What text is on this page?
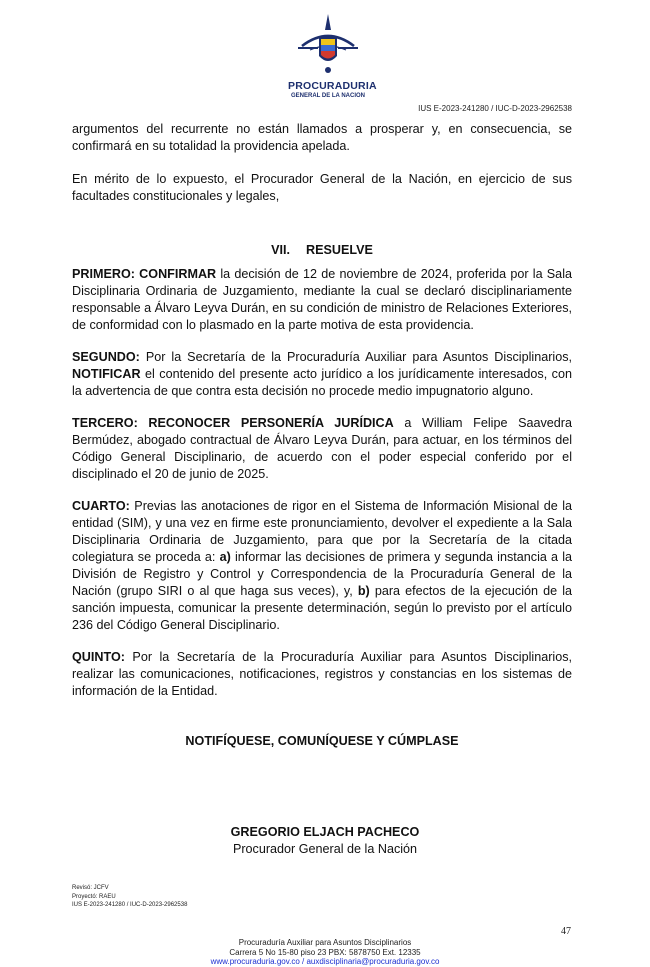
PROCURADURIA
GENERAL DE LA NACION
IUS E-2023-241280 / IUC-D-2023-2962538

argumentos del recurrente no están llamados a prosperar y, en consecuencia, se confirmará en su totalidad la providencia apelada.

En mérito de lo expuesto, el Procurador General de la Nación, en ejercicio de sus facultades constitucionales y legales,

VII. RESUELVE

PRIMERO: CONFIRMAR la decisión de 12 de noviembre de 2024, proferida por la Sala Disciplinaria Ordinaria de Juzgamiento, mediante la cual se declaró disciplinariamente responsable a Álvaro Leyva Durán, en su condición de ministro de Relaciones Exteriores, de conformidad con lo plasmado en la parte motiva de esta providencia.

SEGUNDO: Por la Secretaría de la Procuraduría Auxiliar para Asuntos Disciplinarios, NOTIFICAR el contenido del presente acto jurídico a los jurídicamente interesados, con la advertencia de que contra esta decisión no procede medio impugnatorio alguno.

TERCERO: RECONOCER PERSONERÍA JURÍDICA a William Felipe Saavedra Bermúdez, abogado contractual de Álvaro Leyva Durán, para actuar, en los términos del Código General Disciplinario, de acuerdo con el poder especial conferido por el disciplinado el 20 de junio de 2025.

CUARTO: Previas las anotaciones de rigor en el Sistema de Información Misional de la entidad (SIM), y una vez en firme este pronunciamiento, devolver el expediente a la Sala Disciplinaria Ordinaria de Juzgamiento, para que por la Secretaría de la citada colegiatura se proceda a: a) informar las decisiones de primera y segunda instancia a la División de Registro y Control y Correspondencia de la Procuraduría General de la Nación (grupo SIRI o al que haga sus veces), y, b) para efectos de la ejecución de la sanción impuesta, comunicar la presente determinación, según lo previsto por el artículo 236 del Código General Disciplinario.

QUINTO: Por la Secretaría de la Procuraduría Auxiliar para Asuntos Disciplinarios, realizar las comunicaciones, notificaciones, registros y constancias en los sistemas de información de la Entidad.

NOTIFÍQUESE, COMUNÍQUESE Y CÚMPLASE

GREGORIO ELJACH PACHECO
Procurador General de la Nación
Revisó: JCFV
Proyectó: RAEU
IUS E-2023-241280 / IUC-D-2023-2962538
47
Procuraduría Auxiliar para Asuntos Disciplinarios
Carrera 5 No 15-80 piso 23 PBX: 5878750 Ext. 12335
www.procuraduria.gov.co / auxdisciplinaria@procuraduria.gov.co
